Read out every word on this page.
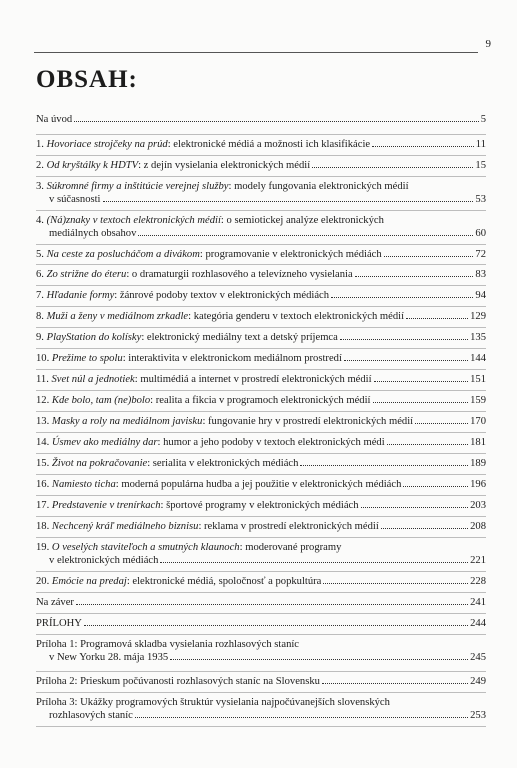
9
OBSAH:
Na úvod	5
1. Hovoriace strojčeky na prúd: elektronické médiá a možnosti ich klasifikácie	11
2. Od kryštálky k HDTV: z dejín vysielania elektronických médií	15
3. Súkromné firmy a inštitúcie verejnej služby: modely fungovania elektronických médií
v súčasnosti	53
4. (Ná)znaky v textoch elektronických médií: o semiotickej analýze elektronických
mediálnych obsahov	60
5. Na ceste za poslucháčom a divákom: programovanie v elektronických médiách	72
6. Zo strižne do éteru: o dramaturgii rozhlasového a televízneho vysielania	83
7. Hľadanie formy: žánrové podoby textov v elektronických médiách	94
8. Muži a ženy v mediálnom zrkadle: kategória genderu v textoch elektronických médií	129
9. PlayStation do kolísky: elektronický mediálny text a detský príjemca	135
10. Prežime to spolu: interaktivita v elektronickom mediálnom prostredí	144
11. Svet núl a jednotiek: multimédiá a internet v prostredí elektronických médií	151
12. Kde bolo, tam (ne)bolo: realita a fikcia v programoch elektronických médií	159
13. Masky a roly na mediálnom javisku: fungovanie hry v prostredí elektronických médií	170
14. Úsmev ako mediálny dar: humor a jeho podoby v textoch elektronických médi	181
15. Život na pokračovanie: serialita v elektronických médiách	189
16. Namiesto ticha: moderná populárna hudba a jej použitie v elektronických médiách	196
17. Predstavenie v trenírkach: športové programy v elektronických médiách	203
18. Nechcený kráľ mediálneho biznisu: reklama v prostredí elektronických médií	208
19. O veselých staviteľoch a smutných klaunoch: moderované programy
v elektronických médiách	221
20. Emócie na predaj: elektronické médiá, spoločnosť a popkultúra	228
Na záver	241
PRÍLOHY	244
Príloha 1: Programová skladba vysielania rozhlasových staníc
v New Yorku 28. mája 1935	245
Príloha 2: Prieskum počúvanosti rozhlasových staníc na Slovensku	249
Príloha 3: Ukážky programových štruktúr vysielania najpočúvanejších slovenských
rozhlasových staníc	253
